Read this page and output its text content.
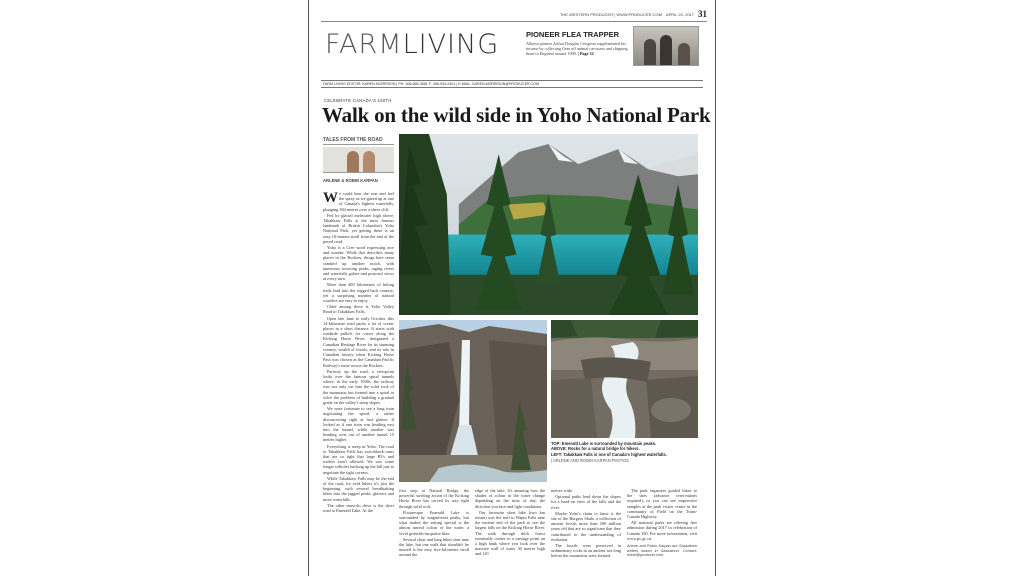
THE WESTERN PRODUCER | WWW.PRODUCER.COM APRIL 20, 2017 31
FARMLIVING	PIONEER FLEA TRAPPER
Alberta pioneer Arthur Douglas Cringeon supplemented his income by collecting fleas off animal carcasses and shipping them to England around 1900. | Page 32
FARM LIVING EDITOR: KAREN MORRISON | PH: 306-665-3581 F: 306-934-2401 | E-MAIL: KAREN.MORRISON@PRODUCER.COM
CELEBRATE CANADA'S 150TH
Walk on the wild side in Yoho National Park
TALES FROM THE ROAD
ARLENE & ROBIN KARPAN

We could hear the roar and feel the spray as we gazed up at one of Canada's highest waterfalls, plunging 384 metres over a sheer cliff.

Fed by glacial meltwater high above, Takakkaw Falls is the most famous landmark of British Columbia's Yoho National Park, yet getting there is an easy 10-minute stroll from the end of the paved road.

Yoho is a Cree word expressing awe and wonder. While that describes many places in the Rockies, things here seem cranked up another notch, with numerous towering peaks, raging rivers and waterfalls galore and postcard views at every turn.

More than 400 kilometres of hiking trails lead into the rugged back country, yet a surprising number of natural wonders are easy to enjoy.

Chief among these is Yoho Valley Road to Takakkaw Falls.

Open late June to early October, this 14-kilometre road packs a lot of scenic places in a short distance. It starts with roadside pullofs for views along the Kicking Horse River, designated a Canadian Heritage River for its stunning scenery, wealth of fossils, and its role in Canadian history when Kicking Horse Pass was chosen as the Canadian Pacific Railway's route across the Rockies.

Partway up the road, a viewpoint looks over the famous spiral tunnels where, in the early 1900s, the railway was not only cut into the solid rock of the mountain, but formed into a spiral to solve the problem of building a gradual grade on the valley's steep slopes.

We were fortunate to see a long train negotiating the spiral, a rather disconcerting sight at first glance. It looked as if one train was heading east into the tunnel, while another was heading west out of another tunnel 15 metres higher.

Everything is steep in Yoho. The road to Takakkaw Falls has switchback turns that are so tight that large RVs and trailers aren't allowed. We saw some longer vehicles backing up the hill just to negotiate the tight corners.

While Takakkaw Falls may be the end of the road, for avid hikers it's just the beginning, with several breathtaking hikes into the jagged peaks, glaciers and more waterfalls.

The other must-do drive is the short road to Emerald Lake. At the

TOP: Emerald Lake is surrounded by mountain peaks.
ABOVE: Rocks for a natural bridge for hikers.
LEFT: Takakkaw Falls is one of Canada's highest waterfalls.
| ARLENE AND ROBIN KARPAN PHOTOS

first stop at Natural Bridge, the powerful swirling action of the Kicking Horse River has carved its way right through solid rock.

Picturesque Emerald Lake is surrounded by magnificent peaks, but what makes the setting special is the almost unreal colour of the water, a vivid greenish-turquoise blue.

Several short and long hikes start near the lake, but one walk that shouldn't be missed is the easy five-kilometre stroll around the

edge of the lake. It's amazing how the shades of colour in the water change depending on the time of day, the direction you face and light conditions.

Our favourite short hike (two km return) was the trail to Wapta Falls near the eastern end of the park to see the largest falls on the Kicking Horse River. The walk through thick forest eventually comes to a vantage point on a high bank where you look over the massive wall of water 30 metres high and 110

metres wide.

Optional paths lead down the slopes for a head-on view of the falls and the river.

Maybe Yoho's claim to fame is the site of the Burgess Shale, a collection of ancient fossils more than 500 million years old that are so significant that they contributed to the understanding of evolution.

The fossils were preserved in sedimentary rocks in an ancient sea long before the mountains were formed.

The park organizes guided hikes to the sites (advance reservations required), or you can see impressive samples at the park visitor centre in the community of Field on the Trans-Canada Highway.

All national parks are offering free admission during 2017 in celebration of Canada 150. For more information, visit www.pc.gc.ca.

Arlene and Robin Karpan are Saskatoon writers based in Saskatoon. Contact: travel@producer.com.
